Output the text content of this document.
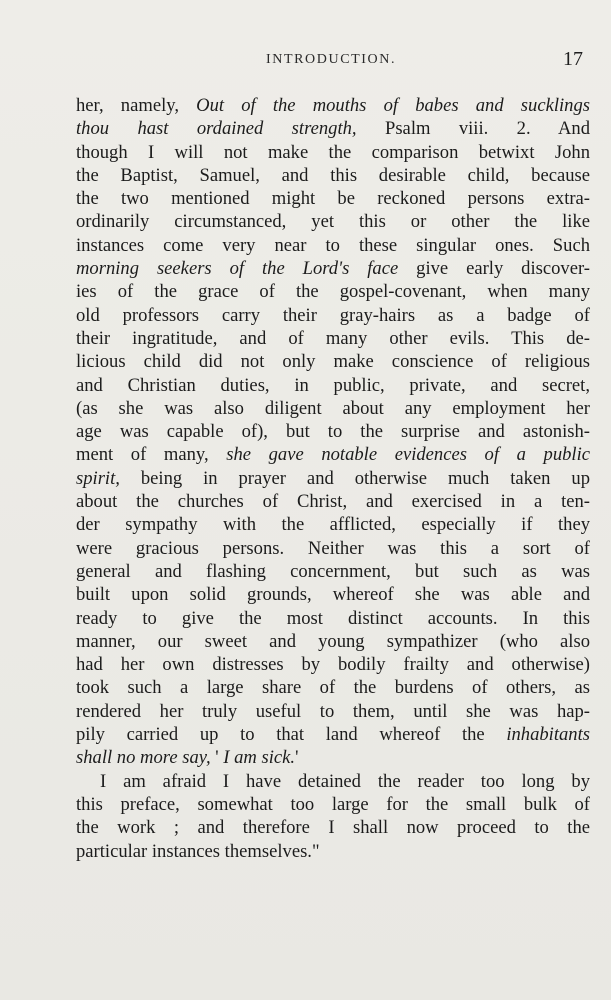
INTRODUCTION.	17
her, namely, Out of the mouths of babes and sucklings
thou hast ordained strength, Psalm viii. 2. And
though I will not make the comparison betwixt John
the Baptist, Samuel, and this desirable child, because
the two mentioned might be reckoned persons extra-
ordinarily circumstanced, yet this or other the like
instances come very near to these singular ones. Such
morning seekers of the Lord's face give early discover-
ies of the grace of the gospel-covenant, when many
old professors carry their gray-hairs as a badge of
their ingratitude, and of many other evils. This de-
licious child did not only make conscience of religious
and Christian duties, in public, private, and secret,
(as she was also diligent about any employment her
age was capable of), but to the surprise and astonish-
ment of many, she gave notable evidences of a public
spirit, being in prayer and otherwise much taken up
about the churches of Christ, and exercised in a ten-
der sympathy with the afflicted, especially if they
were gracious persons. Neither was this a sort of
general and flashing concernment, but such as was
built upon solid grounds, whereof she was able and
ready to give the most distinct accounts. In this
manner, our sweet and young sympathizer (who also
had her own distresses by bodily frailty and otherwise)
took such a large share of the burdens of others, as
rendered her truly useful to them, until she was hap-
pily carried up to that land whereof the inhabitants
shall no more say, ' I am sick.'
I am afraid I have detained the reader too long by
this preface, somewhat too large for the small bulk of
the work ; and therefore I shall now proceed to the
particular instances themselves."
